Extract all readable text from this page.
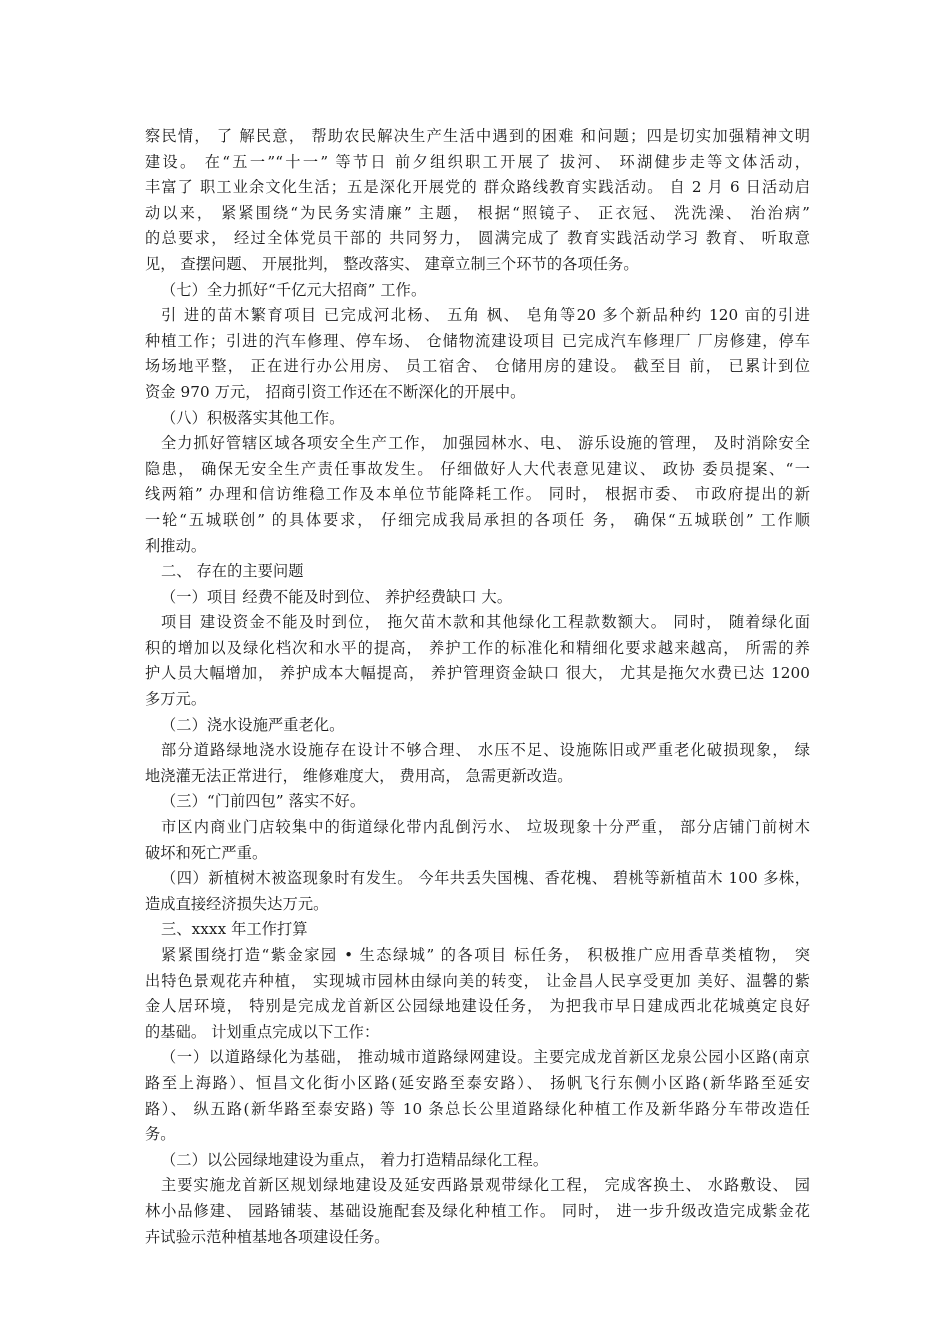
察民情， 了 解民意， 帮助农民解决生产生活中遇到的困难 和问题；四是切实加强精神文明
建设。 在“五一”“十一” 等节日 前夕组织职工开展了 拔河、 环湖健步走等文体活动，
丰富了 职工业余文化生活；五是深化开展党的 群众路线教育实践活动。 自 2 月 6 日活动启
动以来， 紧紧围绕“为民务实清廉” 主题， 根据“照镜子、 正衣冠、 洗洗澡、 治治病”
的总要求， 经过全体党员干部的 共同努力， 圆满完成了 教育实践活动学习 教育、 听取意
见， 查摆问题、 开展批判， 整改落实、 建章立制三个环节的各项任务。
（七）全力抓好“千亿元大招商” 工作。
引 进的苗木繁育项目 已完成河北杨、 五角 枫、 皂角等20 多个新品种约 120 亩的引进
种植工作；引进的汽车修理、停车场、 仓储物流建设项目 已完成汽车修理厂 厂房修建，停车
场场地平整， 正在进行办公用房、 员工宿舍、 仓储用房的建设。 截至目 前， 已累计到位
资金 970 万元， 招商引资工作还在不断深化的开展中。
（八）积极落实其他工作。
全力抓好管辖区域各项安全生产工作， 加强园林水、电、 游乐设施的管理， 及时消除安全
隐患， 确保无安全生产责任事故发生。 仔细做好人大代表意见建议、 政协 委员提案、“一
线两箱” 办理和信访维稳工作及本单位节能降耗工作。 同时， 根据市委、 市政府提出的新
一轮“五城联创” 的具体要求， 仔细完成我局承担的各项任 务， 确保“五城联创” 工作顺
利推动。
二、 存在的主要问题
（一）项目 经费不能及时到位、 养护经费缺口 大。
项目 建设资金不能及时到位， 拖欠苗木款和其他绿化工程款数额大。 同时， 随着绿化面
积的增加以及绿化档次和水平的提高， 养护工作的标准化和精细化要求越来越高， 所需的养
护人员大幅增加， 养护成本大幅提高， 养护管理资金缺口 很大， 尤其是拖欠水费已达 1200
多万元。
（二）浇水设施严重老化。
部分道路绿地浇水设施存在设计不够合理、 水压不足、设施陈旧或严重老化破损现象， 绿
地浇灌无法正常进行， 维修难度大， 费用高， 急需更新改造。
（三）“门前四包” 落实不好。
市区内商业门店较集中的街道绿化带内乱倒污水、 垃圾现象十分严重， 部分店铺门前树木
破坏和死亡严重。
（四）新植树木被盗现象时有发生。 今年共丢失国槐、香花槐、 碧桃等新植苗木 100 多株，
造成直接经济损失达万元。
三、xxxx 年工作打算
紧紧围绕打造“紫金家园 • 生态绿城” 的各项目 标任务， 积极推广应用香草类植物， 突
出特色景观花卉种植， 实现城市园林由绿向美的转变， 让金昌人民享受更加 美好、温馨的紫
金人居环境， 特别是完成龙首新区公园绿地建设任务， 为把我市早日建成西北花城奠定良好
的基础。 计划重点完成以下工作：
（一）以道路绿化为基础， 推动城市道路绿网建设。主要完成龙首新区龙泉公园小区路(南京
路至上海路）、恒昌文化街小区路(延安路至泰安路）、 扬帆飞行东侧小区路(新华路至延安
路）、 纵五路(新华路至泰安路) 等 10 条总长公里道路绿化种植工作及新华路分车带改造任
务。
（二）以公园绿地建设为重点， 着力打造精品绿化工程。
主要实施龙首新区规划绿地建设及延安西路景观带绿化工程， 完成客换土、 水路敷设、 园
林小品修建、 园路铺装、基础设施配套及绿化种植工作。 同时， 进一步升级改造完成紫金花
卉试验示范种植基地各项建设任务。
